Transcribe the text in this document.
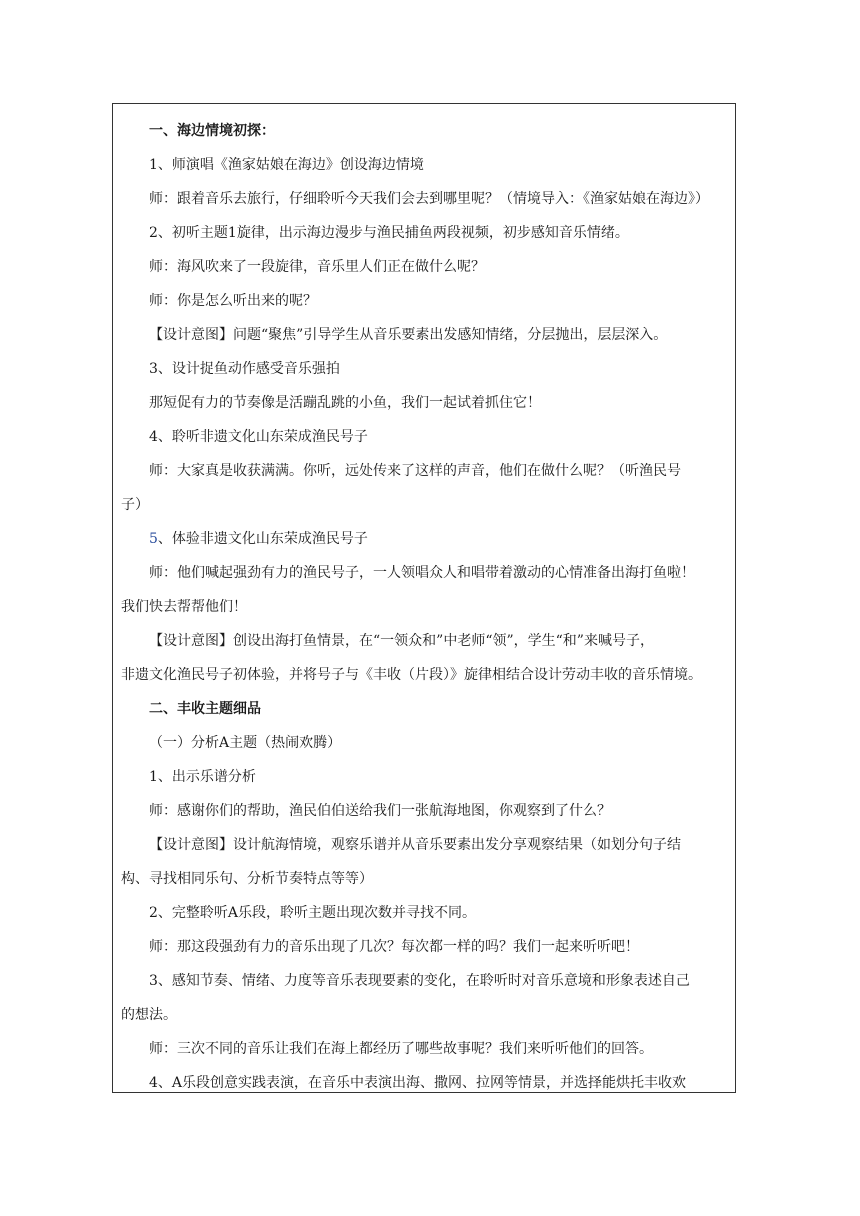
一、海边情境初探：

1、师演唱《渔家姑娘在海边》创设海边情境

师：跟着音乐去旅行，仔细聆听今天我们会去到哪里呢？（情境导入：《渔家姑娘在海边》）

2、初听主题1旋律，出示海边漫步与渔民捕鱼两段视频，初步感知音乐情绪。

师：海风吹来了一段旋律，音乐里人们正在做什么呢？

师：你是怎么听出来的呢？

【设计意图】问题“聚焦”引导学生从音乐要素出发感知情绪，分层抛出，层层深入。

3、设计捉鱼动作感受音乐强拍

那短促有力的节奏像是活蹦乱跳的小鱼，我们一起试着抓住它！

4、聆听非遗文化山东荣成渔民号子

师：大家真是收获满满。你听，远处传来了这样的声音，他们在做什么呢？（听渔民号

子）

5、体验非遗文化山东荣成渔民号子

师：他们喊起强劲有力的渔民号子，一人领唱众人和唱带着激动的心情准备出海打鱼啦！

我们快去帮帮他们！

【设计意图】创设出海打鱼情景，在“一领众和”中老师“领”，学生“和”来喊号子，

非遗文化渔民号子初体验，并将号子与《丰收（片段）》旋律相结合设计劳动丰收的音乐情境。

二、丰收主题细品

（一）分析A主题（热闹欢腾）

1、出示乐谱分析

师：感谢你们的帮助，渔民伯伯送给我们一张航海地图，你观察到了什么？

【设计意图】设计航海情境，观察乐谱并从音乐要素出发分享观察结果（如划分句子结

构、寻找相同乐句、分析节奏特点等等）

2、完整聆听A乐段，聆听主题出现次数并寻找不同。

师：那这段强劲有力的音乐出现了几次？每次都一样的吗？我们一起来听听吧！

3、感知节奏、情绪、力度等音乐表现要素的变化，在聆听时对音乐意境和形象表述自己

的想法。

师：三次不同的音乐让我们在海上都经历了哪些故事呢？我们来听听他们的回答。

4、A乐段创意实践表演，在音乐中表演出海、撒网、拉网等情景，并选择能烘托丰收欢
